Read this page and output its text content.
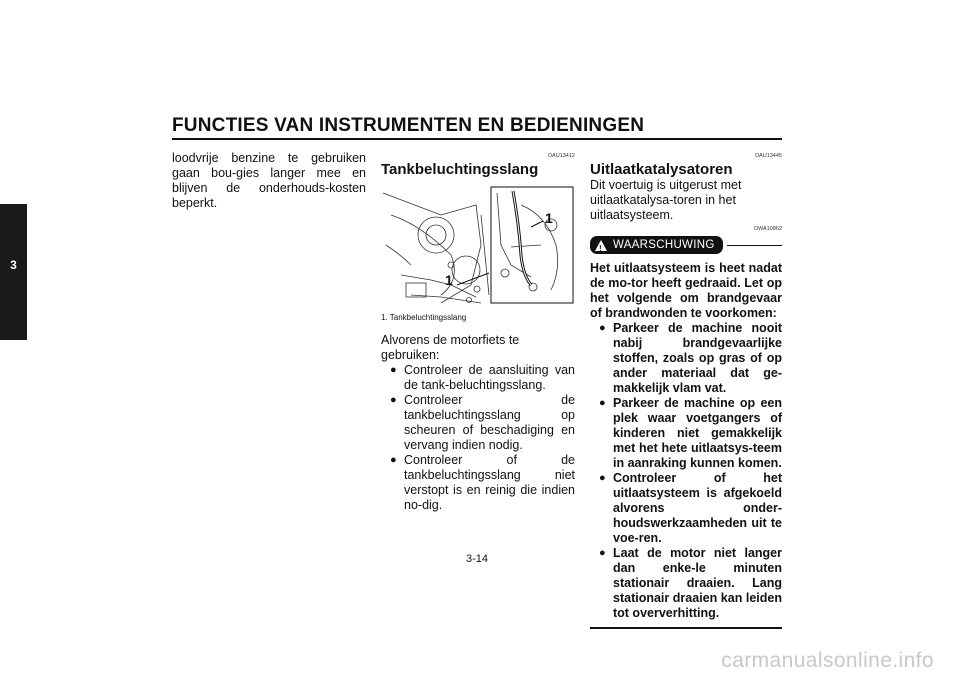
FUNCTIES VAN INSTRUMENTEN EN BEDIENINGEN
3
loodvrije benzine te gebruiken gaan bou-gies langer mee en blijven de onderhouds-kosten beperkt.
DAU13412
Tankbeluchtingsslang
1
1
1. Tankbeluchtingsslang
Alvorens de motorfiets te gebruiken:
● Controleer de aansluiting van de tank-beluchtingsslang.
● Controleer de tankbeluchtingsslang op scheuren of beschadiging en vervang indien nodig.
● Controleer of de tankbeluchtingsslang niet verstopt is en reinig die indien no-dig.
DAU13445
Uitlaatkatalysatoren
Dit voertuig is uitgerust met uitlaatkatalysa-toren in het uitlaatsysteem.
DWA10862
! WAARSCHUWING
Het uitlaatsysteem is heet nadat de mo-tor heeft gedraaid. Let op het volgende om brandgevaar of brandwonden te voorkomen:
● Parkeer de machine nooit nabij brandgevaarlijke stoffen, zoals op gras of op ander materiaal dat ge-makkelijk vlam vat.
● Parkeer de machine op een plek waar voetgangers of kinderen niet gemakkelijk met het hete uitlaatsys-teem in aanraking kunnen komen.
● Controleer of het uitlaatsysteem is afgekoeld alvorens onder-houdswerkzaamheden uit te voe-ren.
● Laat de motor niet langer dan enke-le minuten stationair draaien. Lang stationair draaien kan leiden tot oververhitting.
3-14
carmanualsonline.info
